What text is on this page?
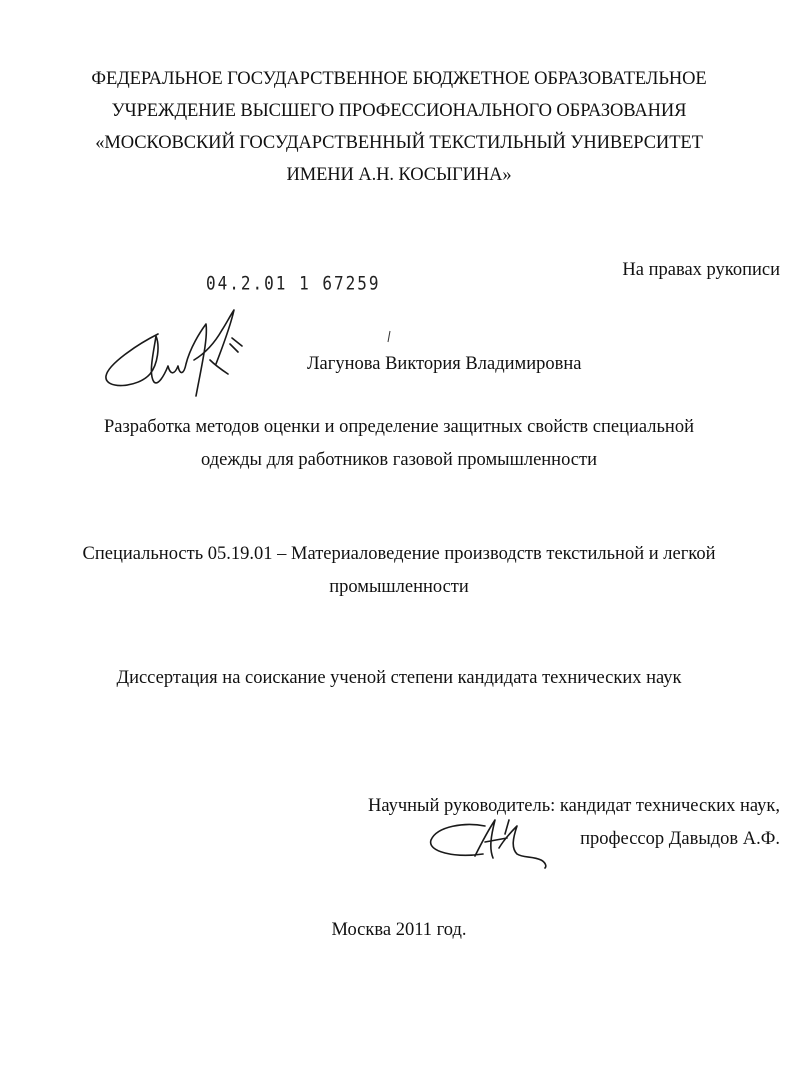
ФЕДЕРАЛЬНОЕ ГОСУДАРСТВЕННОЕ БЮДЖЕТНОЕ ОБРАЗОВАТЕЛЬНОЕ
УЧРЕЖДЕНИЕ ВЫСШЕГО ПРОФЕССИОНАЛЬНОГО ОБРАЗОВАНИЯ
«МОСКОВСКИЙ ГОСУДАРСТВЕННЫЙ ТЕКСТИЛЬНЫЙ УНИВЕРСИТЕТ
ИМЕНИ А.Н. КОСЫГИНА»
04.2.01 1 67259
На правах рукописи
Лагунова Виктория Владимировна
Разработка методов оценки и определение защитных свойств специальной
одежды для работников газовой промышленности
Специальность 05.19.01 – Материаловедение производств текстильной и легкой
промышленности
Диссертация на соискание ученой степени кандидата технических наук
Научный руководитель: кандидат технических наук,
профессор Давыдов А.Ф.
Москва 2011 год.
